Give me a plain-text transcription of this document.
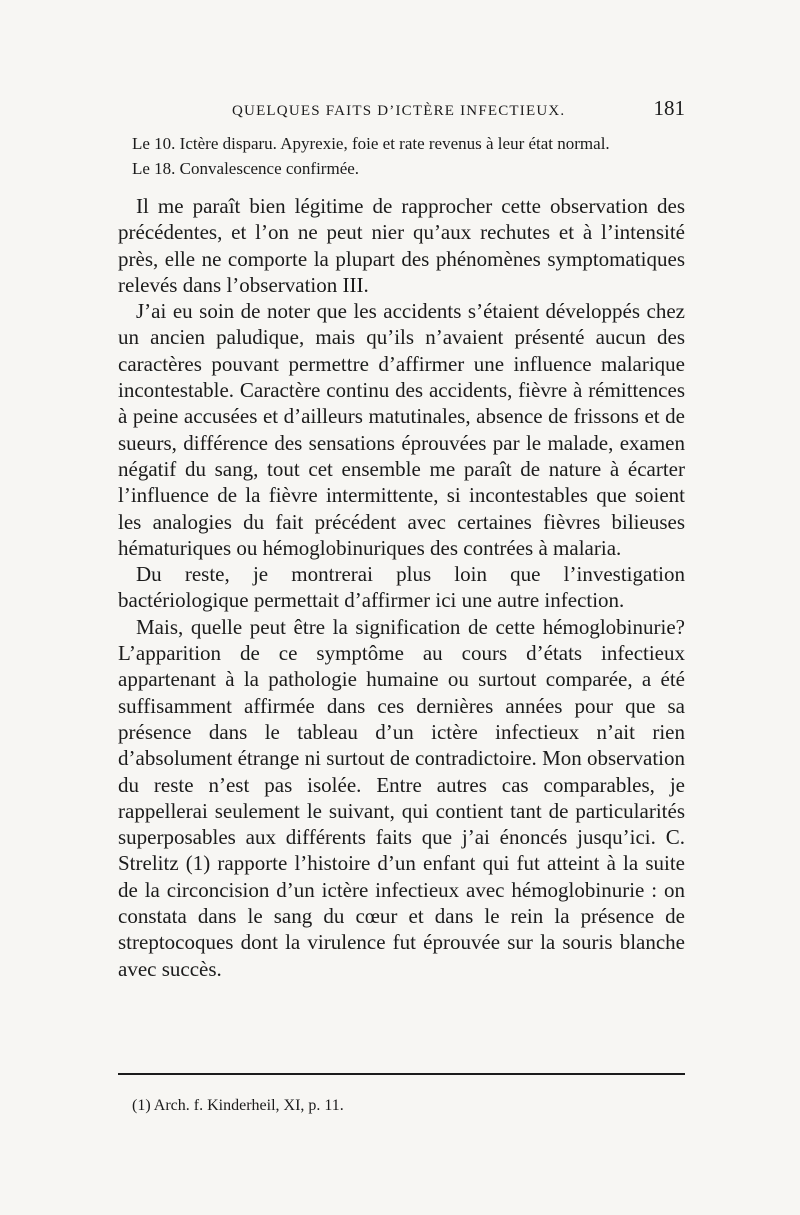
QUELQUES FAITS D’ICTÈRE INFECTIEUX.	181

Le 10. Ictère disparu. Apyrexie, foie et rate revenus à leur état normal.

Le 18. Convalescence confirmée.

Il me paraît bien légitime de rapprocher cette observation des précédentes, et l’on ne peut nier qu’aux rechutes et à l’intensité près, elle ne comporte la plupart des phénomènes symptomatiques relevés dans l’observation III.

J’ai eu soin de noter que les accidents s’étaient développés chez un ancien paludique, mais qu’ils n’avaient présenté aucun des caractères pouvant permettre d’affirmer une influence malarique incontestable. Caractère continu des accidents, fièvre à rémittences à peine accusées et d’ailleurs matutinales, absence de frissons et de sueurs, différence des sensations éprouvées par le malade, examen négatif du sang, tout cet ensemble me paraît de nature à écarter l’influence de la fièvre intermittente, si incontestables que soient les analogies du fait précédent avec certaines fièvres bilieuses hématuriques ou hémoglobinuriques des contrées à malaria.

Du reste, je montrerai plus loin que l’investigation bactériologique permettait d’affirmer ici une autre infection.

Mais, quelle peut être la signification de cette hémoglobinurie? L’apparition de ce symptôme au cours d’états infectieux appartenant à la pathologie humaine ou surtout comparée, a été suffisamment affirmée dans ces dernières années pour que sa présence dans le tableau d’un ictère infectieux n’ait rien d’absolument étrange ni surtout de contradictoire. Mon observation du reste n’est pas isolée. Entre autres cas comparables, je rappellerai seulement le suivant, qui contient tant de particularités superposables aux différents faits que j’ai énoncés jusqu’ici. C. Strelitz (1) rapporte l’histoire d’un enfant qui fut atteint à la suite de la circoncision d’un ictère infectieux avec hémoglobinurie : on constata dans le sang du cœur et dans le rein la présence de streptocoques dont la virulence fut éprouvée sur la souris blanche avec succès.

(1) Arch. f. Kinderheil, XI, p. 11.
